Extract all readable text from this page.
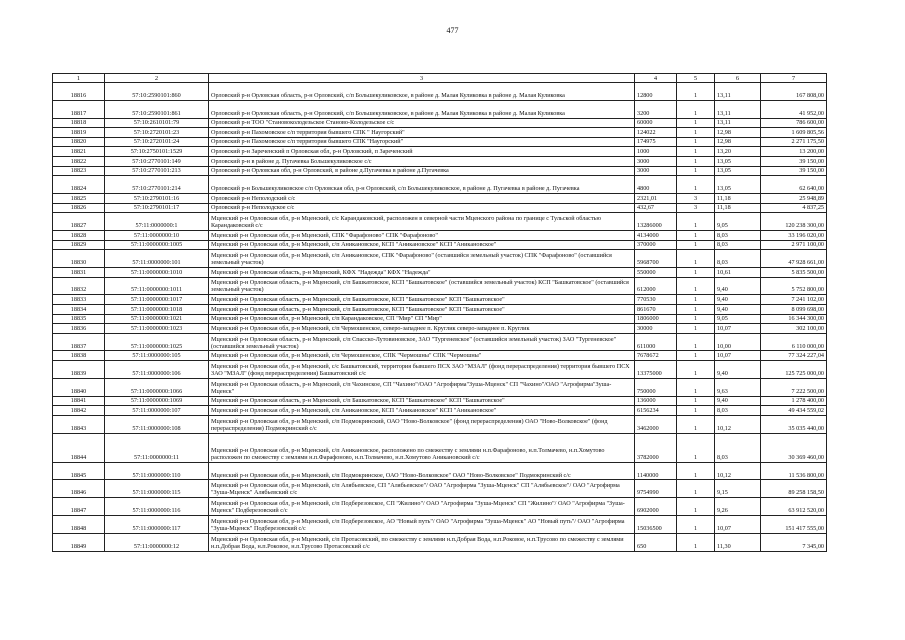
477
1	2	3	4	5	6	7
18816	57:10:2590101:860	Орловский р-н Орловская область, р-н Орловский, с/п Большекуликовское, в районе д. Малая Куликовка в районе д. Малая Куликовка	12800	1	13,11	167 808,00
18817	57:10:2590101:861	Орловский р-н Орловская область, р-н Орловский, с/п Большекуликовское, в районе д. Малая Куликовка в районе д. Малая Куликовка	3200	1	13,11	41 952,00
18818	57:10:2610101:79	Орловский р-н ТОО "Становоколодезьское Станово-Колодезьское с/с	60000	1	13,11	786 600,00
18819	57:10:2720101:23	Орловский р-н Пахомовское с/п территория бывшего СПК " Наугорский"	124022	1	12,98	1 609 805,56
18820	57:10:2720101:24	Орловский р-н Пахомовское с/п территория бывшего СПК "Наугорский"	174975	1	12,98	2 271 175,50
18821	57:10:2750101:1529	Орловский р-н Зареченский п Орловская обл, р-н Орловский, п Зареченский	1000	1	13,20	13 200,00
18822	57:10:2770101:149	Орловский р-н в районе д. Пугачевка Большекуликовское с/с	3000	1	13,05	39 150,00
18823	57:10:2770101:213	Орловский р-н Орловская обл, р-н Орловский, в районе д.Пугачевка в районе д.Пугачевка	3000	1	13,05	39 150,00
18824	57:10:2770101:214	Орловский р-н Большекуликовское с/п Орловская обл, р-н Орловский, с/п Большекуликовское, в районе д. Пугачевка в районе д. Пугачевка	4800	1	13,05	62 640,00
18825	57:10:2790101:16	Орловский р-н Неполодский с/с	2321,01	3	11,18	25 948,89
18826	57:10:2790101:17	Орловский р-н Неполодское с/с	432,67	3	11,18	4 837,25
18827	57:11:0000000:1	Мценский р-н Орловская обл, р-н Мценский, с/с Карандаковский, расположен в северной части Мценского района по границе с Тульской областью Карандаковский с/с	13286000	1	9,05	120 238 300,00
18828	57:11:0000000:10	Мценский р-н Орловская обл, р-н Мценский, СПК "Фарафоново" СПК "Фарафоново"	4134000	1	8,03	33 196 020,00
18829	57:11:0000000:1005	Мценский р-н Орловская обл, р-н Мценский, с/п Аникановское, КСП "Аникановское" КСП "Аникановское"	370000	1	8,03	2 971 100,00
18830	57:11:0000000:101	Мценский р-н Орловская обл, р-н Мценский, с/п Аникановское, СПК "Фарафоново" (оставшийся земельный участок) СПК "Фарафоново" (оставшийся земельный участок)	5968700	1	8,03	47 928 661,00
18831	57:11:0000000:1010	Мценский р-н Орловская область, р-н Мценский, КФХ "Надежда" КФХ "Надежда"	550000	1	10,61	5 835 500,00
18832	57:11:0000000:1011	Мценский р-н Орловская область, р-н Мценский, с/п Башкатовское, КСП "Башкатовское" (оставшийся земельный участок) КСП "Башкатовское" (оставшийся земельный участок)	612000	1	9,40	5 752 800,00
18833	57:11:0000000:1017	Мценский р-н Орловская область, р-н Мценский, с/п Башкатовское, КСП "Башкатовское" КСП "Башкатовское"	770530	1	9,40	7 241 102,00
18834	57:11:0000000:1018	Мценский р-н Орловская область, р-н Мценский, с/п Башкатовское, КСП "Башкатовское" КСП "Башкатовское"	861670	1	9,40	8 099 698,00
18835	57:11:0000000:1021	Мценский р-н Орловская обл, р-н Мценский, с/п Карандаковское, СП "Мир" СП "Мир"	1806000	1	9,05	16 344 300,00
18836	57:11:0000000:1023	Мценский р-н Орловская обл, р-н Мценский, с/п Чермошенское, северо-западнее п. Круглик северо-западнее п. Круглик	30000	1	10,07	302 100,00
18837	57:11:0000000:1025	Мценский р-н Орловская область, р-н Мценский, с/п Спасско-Лутовиновское, ЗАО "Тургеневское" (оставшийся земельный участок) ЗАО "Тургеневское" (оставшийся земельный участок)	611000	1	10,00	6 110 000,00
18838	57:11:0000000:105	Мценский р-н Орловская обл, р-н Мценский, с/п Чермошенское, СПК "Чермошны" СПК "Чермошны"	7678672	1	10,07	77 324 227,04
18839	57:11:0000000:106	Мценский р-н Орловская обл, р-н Мценский, с/с Башкатовский, территория бывшего ПСХ ЗАО "МЗАЛ" (фонд перераспределения) территория бывшего ПСХ ЗАО "МЗАЛ" (фонд перераспределения) Башкатовский с/с	13375000	1	9,40	125 725 000,00
18840	57:11:0000000:1066	Мценский р-н Орловская область, р-н Мценский, с/п Чахинское, СП "Чахино"/ОАО "Агрофирма"Зуша-Мценск" СП "Чахино"/ОАО "Агрофирма"Зуша-Мценск"	750000	1	9,63	7 222 500,00
18841	57:11:0000000:1069	Мценский р-н Орловская область, р-н Мценский, с/п Башкатовское, КСП "Башкатовское" КСП "Башкатовское"	136000	1	9,40	1 278 400,00
18842	57:11:0000000:107	Мценский р-н Орловская обл, р-н Мценский, с/п Аникановское, КСП "Аникановское" КСП "Аникановское"	6156234	1	8,03	49 434 559,02
18843	57:11:0000000:108	Мценский р-н Орловская обл, р-н Мценский, с/п Подмокринский, ОАО "Ново-Волковское" (фонд перераспределения) ОАО "Ново-Волковское" (фонд перераспределения) Подмокринский с/с	3462000	1	10,12	35 035 440,00
18844	57:11:0000000:11	Мценский р-н Орловская обл, р-н Мценский, с/п Аникановское, расположено по смежеству с землями н.п.Фарафоново, н.п.Толмачево, н.п.Хомутово расположен по смежеству с землями н.п.Фарафоново, н.п.Толмачево, н.п.Хомутово Аникановский с/с	3782000	1	8,03	30 369 460,00
18845	57:11:0000000:110	Мценский р-н Орловская обл, р-н Мценский, с/п Подмокринское, ОАО "Ново-Волковское" ОАО "Ново-Волковское" Подмокринский с/с	1140000	1	10,12	11 536 800,00
18846	57:11:0000000:115	Мценский р-н Орловская обл, р-н Мценский, с/п Алябьевское, СП "Алябьевское"/ ОАО "Агрофирма "Зуша-Мценск" СП "Алябьевское"/ ОАО "Агрофирма "Зуша-Мценск" Алябьевский с/с	9754990	1	9,15	89 258 158,50
18847	57:11:0000000:116	Мценский р-н Орловская обл, р-н Мценский, с/п Подберезовское, СП "Жилино"/ ОАО "Агрофирма "Зуша-Мценск" СП "Жилино"/ ОАО "Агрофирма "Зуша-Мценск" Подберезовский с/с	6902000	1	9,26	63 912 520,00
18848	57:11:0000000:117	Мценский р-н Орловская обл, р-н Мценский, с/п Подберезовское, АО "Новый путь"/ ОАО "Агрофирма "Зуша-Мценск" АО "Новый путь"/ ОАО "Агрофирма "Зуша-Мценск" Подберезовский с/с	15036500	1	10,07	151 417 555,00
18849	57:11:0000000:12	Мценский р-н Орловская обл, р-н Мценский, с/п Протасовский, по смежеству с землями н.п.Добрая Вода, н.п.Роковое, н.п.Трусово по смежеству с землями н.п.Добрая Вода, н.п.Роковое, н.п.Трусово Протасовский с/с	650	1	11,30	7 345,00
